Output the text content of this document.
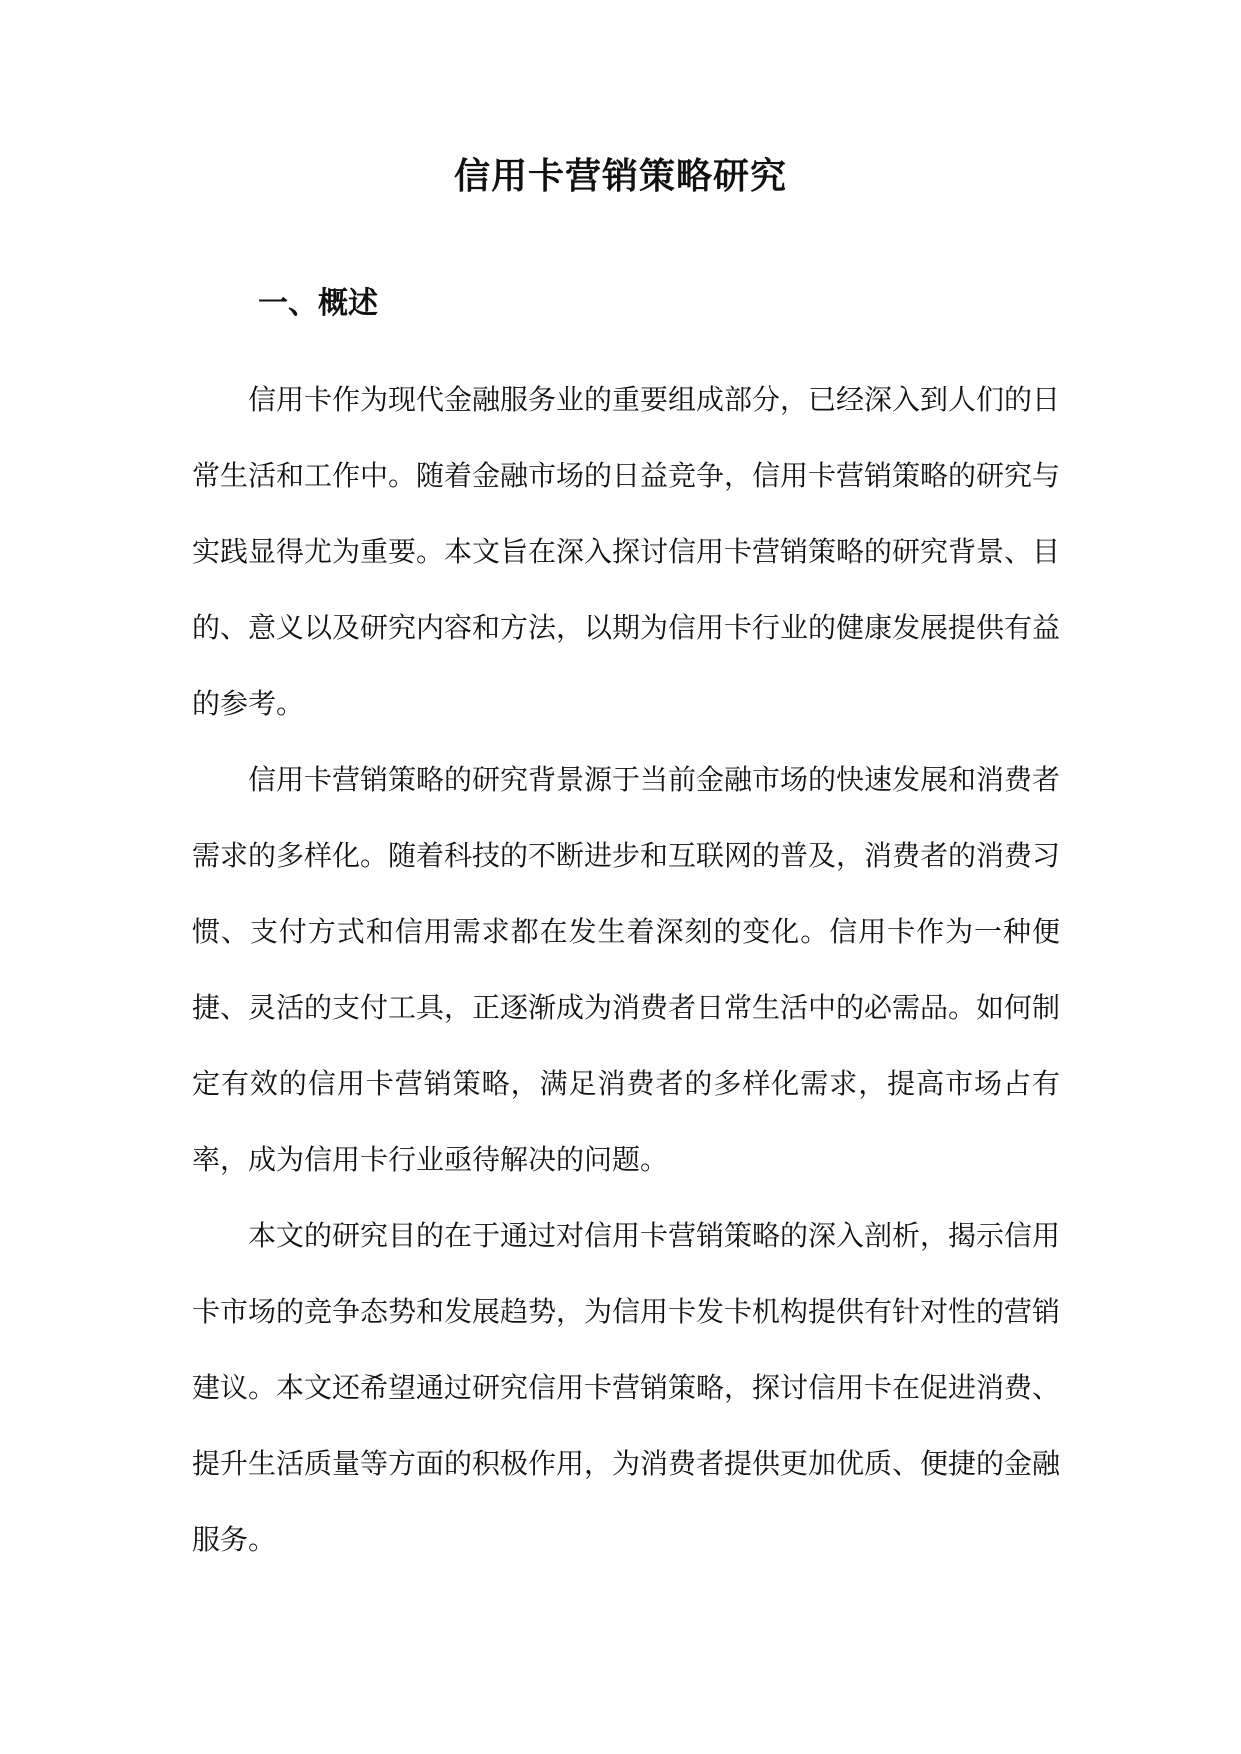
信用卡营销策略研究
一、概述

信用卡作为现代金融服务业的重要组成部分，已经深入到人们的日常生活和工作中。随着金融市场的日益竞争，信用卡营销策略的研究与实践显得尤为重要。本文旨在深入探讨信用卡营销策略的研究背景、目的、意义以及研究内容和方法，以期为信用卡行业的健康发展提供有益的参考。

信用卡营销策略的研究背景源于当前金融市场的快速发展和消费者需求的多样化。随着科技的不断进步和互联网的普及，消费者的消费习惯、支付方式和信用需求都在发生着深刻的变化。信用卡作为一种便捷、灵活的支付工具，正逐渐成为消费者日常生活中的必需品。如何制定有效的信用卡营销策略，满足消费者的多样化需求，提高市场占有率，成为信用卡行业亟待解决的问题。

本文的研究目的在于通过对信用卡营销策略的深入剖析，揭示信用卡市场的竞争态势和发展趋势，为信用卡发卡机构提供有针对性的营销建议。本文还希望通过研究信用卡营销策略，探讨信用卡在促进消费、提升生活质量等方面的积极作用，为消费者提供更加优质、便捷的金融服务。
